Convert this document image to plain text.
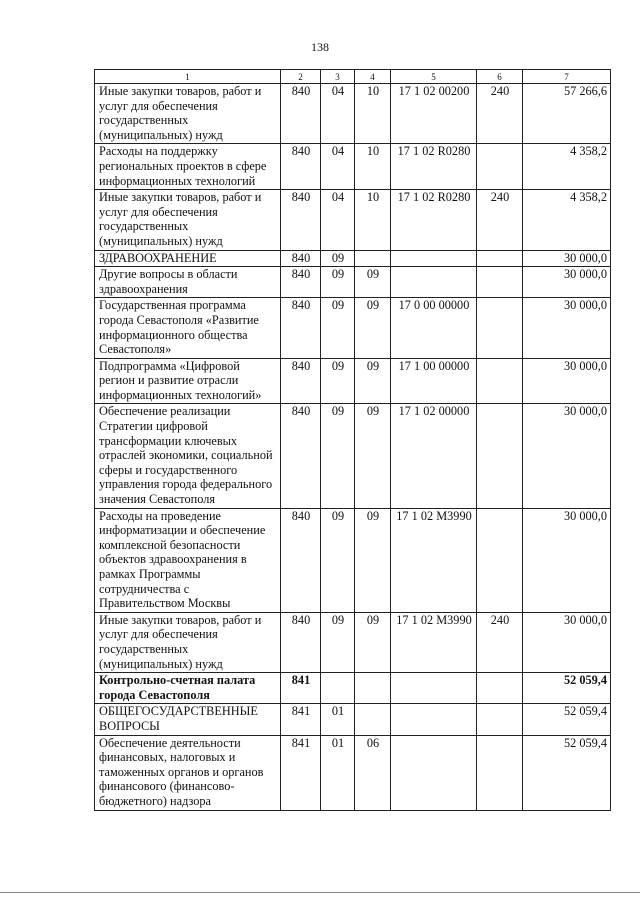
138
1	2	3	4	5	6	7
Иные закупки товаров, работ и услуг для обеспечения государственных (муниципальных) нужд	840	04	10	17 1 02 00200	240	57 266,6
Расходы на поддержку региональных проектов в сфере информационных технологий	840	04	10	17 1 02 R0280		4 358,2
Иные закупки товаров, работ и услуг для обеспечения государственных (муниципальных) нужд	840	04	10	17 1 02 R0280	240	4 358,2
ЗДРАВООХРАНЕНИЕ	840	09				30 000,0
Другие вопросы в области здравоохранения	840	09	09			30 000,0
Государственная программа города Севастополя «Развитие информационного общества Севастополя»	840	09	09	17 0 00 00000		30 000,0
Подпрограмма «Цифровой регион и развитие отрасли информационных технологий»	840	09	09	17 1 00 00000		30 000,0
Обеспечение реализации Стратегии цифровой трансформации ключевых отраслей экономики, социальной сферы и государственного управления города федерального значения Севастополя	840	09	09	17 1 02 00000		30 000,0
Расходы на проведение информатизации и обеспечение комплексной безопасности объектов здравоохранения в рамках Программы сотрудничества с Правительством Москвы	840	09	09	17 1 02 M3990		30 000,0
Иные закупки товаров, работ и услуг для обеспечения государственных (муниципальных) нужд	840	09	09	17 1 02 M3990	240	30 000,0
Контрольно-счетная палата города Севастополя	841					52 059,4
ОБЩЕГОСУДАРСТВЕННЫЕ ВОПРОСЫ	841	01				52 059,4
Обеспечение деятельности финансовых, налоговых и таможенных органов и органов финансового (финансово-бюджетного) надзора	841	01	06			52 059,4
